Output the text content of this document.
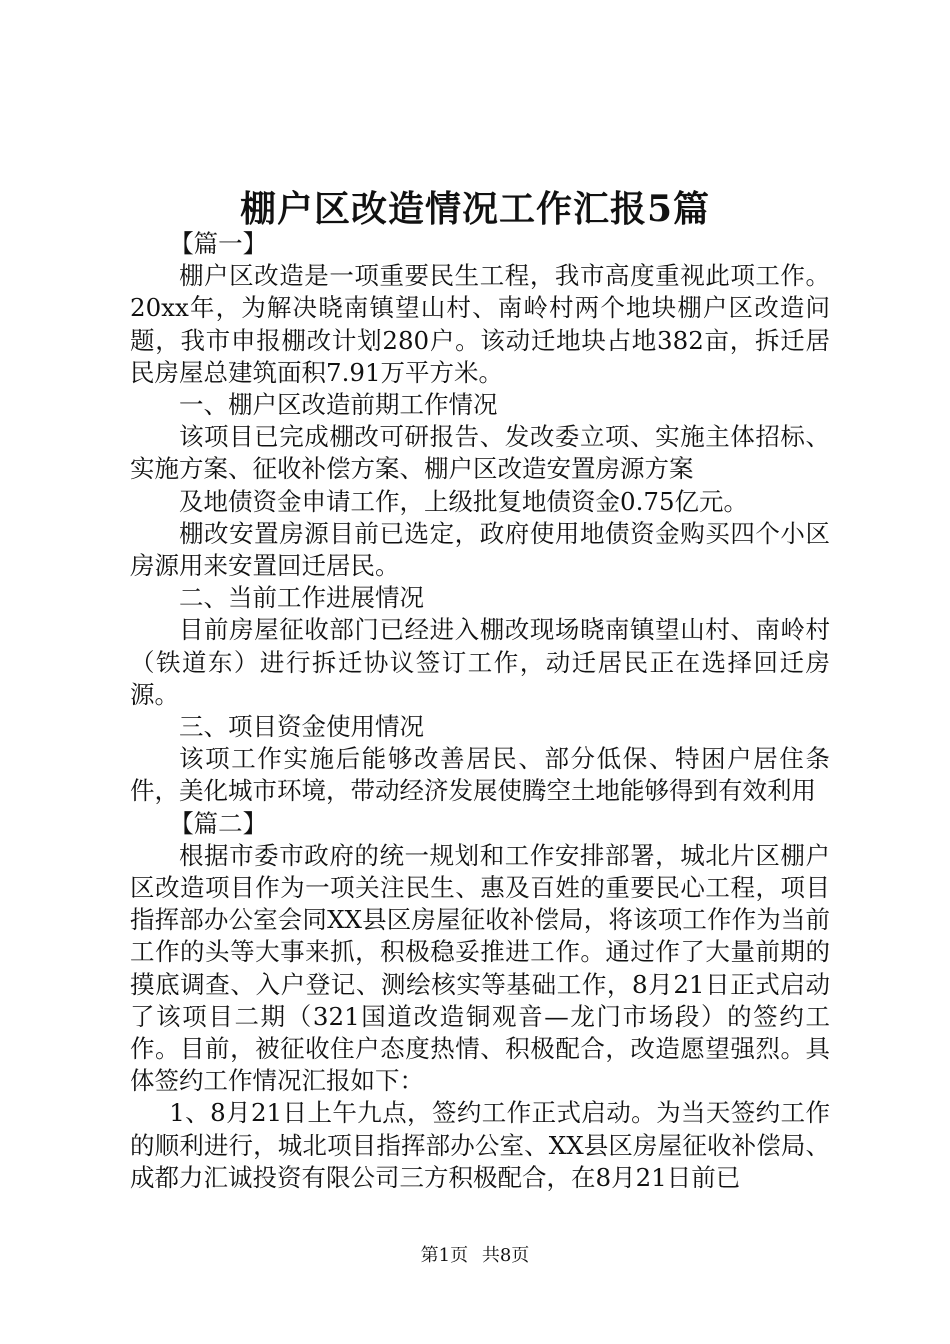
棚户区改造情况工作汇报5篇

【篇一】

棚户区改造是一项重要民生工程，我市高度重视此项工作。20xx年，为解决晓南镇望山村、南岭村两个地块棚户区改造问题，我市申报棚改计划280户。该动迁地块占地382亩，拆迁居民房屋总建筑面积7.91万平方米。

一、棚户区改造前期工作情况

该项目已完成棚改可研报告、发改委立项、实施主体招标、实施方案、征收补偿方案、棚户区改造安置房源方案

及地债资金申请工作，上级批复地债资金0.75亿元。

棚改安置房源目前已选定，政府使用地债资金购买四个小区房源用来安置回迁居民。

二、当前工作进展情况

目前房屋征收部门已经进入棚改现场晓南镇望山村、南岭村（铁道东）进行拆迁协议签订工作，动迁居民正在选择回迁房源。

三、项目资金使用情况

该项工作实施后能够改善居民、部分低保、特困户居住条件，美化城市环境，带动经济发展使腾空土地能够得到有效利用

【篇二】

根据市委市政府的统一规划和工作安排部署，城北片区棚户区改造项目作为一项关注民生、惠及百姓的重要民心工程，项目指挥部办公室会同XX县区房屋征收补偿局，将该项工作作为当前工作的头等大事来抓，积极稳妥推进工作。通过作了大量前期的摸底调查、入户登记、测绘核实等基础工作，8月21日正式启动了该项目二期（321国道改造铜观音—龙门市场段）的签约工作。目前，被征收住户态度热情、积极配合，改造愿望强烈。具体签约工作情况汇报如下：

1、8月21日上午九点，签约工作正式启动。为当天签约工作的顺利进行，城北项目指挥部办公室、XX县区房屋征收补偿局、成都力汇诚投资有限公司三方积极配合，在8月21日前已

第1页 共8页
